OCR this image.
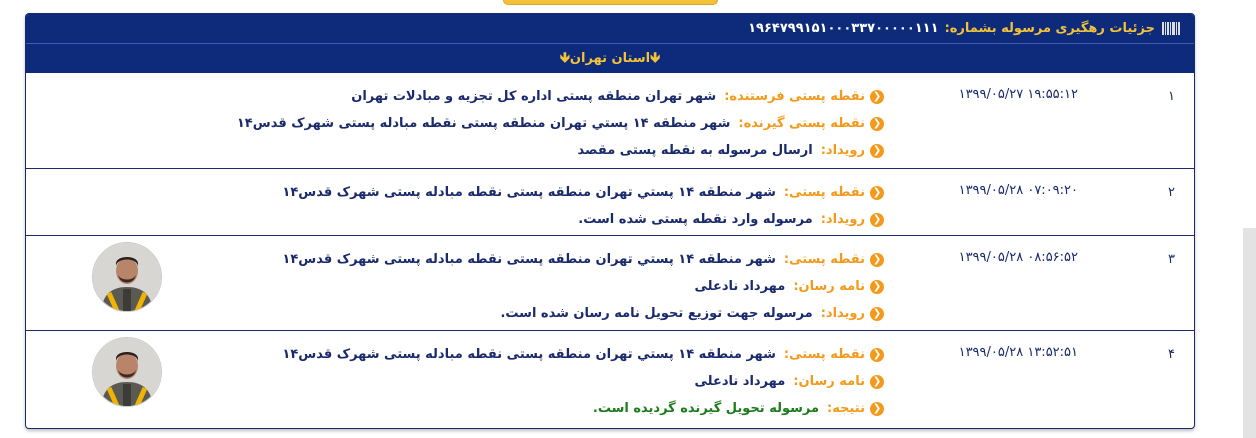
جزئیات رهگیری مرسوله بشماره:
۱۹۶۴۷۹۹۱۵۱۰۰۰۳۳۷۰۰۰۰۰۱۱۱
🡻استان تهران🡻
۱
۱۳۹۹/۰۵/۲۷ ۱۹:۵۵:۱۲
❮
نقطه پستی فرستنده:
شهر تهران منطقه پستی اداره کل تجزیه و مبادلات تهران
❮
نقطه پستی گیرنده:
شهر منطقه ۱۴ پستي تهران منطقه پستی نقطه مبادله پستی شهرک قدس۱۴
❮
رویداد:
ارسال مرسوله به نقطه پستی مقصد
۲
۱۳۹۹/۰۵/۲۸ ۰۷:۰۹:۲۰
❮
نقطه پستی:
شهر منطقه ۱۴ پستي تهران منطقه پستی نقطه مبادله پستی شهرک قدس۱۴
❮
رویداد:
مرسوله وارد نقطه پستی شده است.
۳
۱۳۹۹/۰۵/۲۸ ۰۸:۵۶:۵۲
❮
نقطه پستی:
شهر منطقه ۱۴ پستي تهران منطقه پستی نقطه مبادله پستی شهرک قدس۱۴
❮
نامه رسان:
مهرداد نادعلی
❮
رویداد:
مرسوله جهت توزیع تحویل نامه رسان شده است.
۴
۱۳۹۹/۰۵/۲۸ ۱۳:۵۲:۵۱
❮
نقطه پستی:
شهر منطقه ۱۴ پستي تهران منطقه پستی نقطه مبادله پستی شهرک قدس۱۴
❮
نامه رسان:
مهرداد نادعلی
❮
نتیجه:
مرسوله تحویل گیرنده گردیده است.
